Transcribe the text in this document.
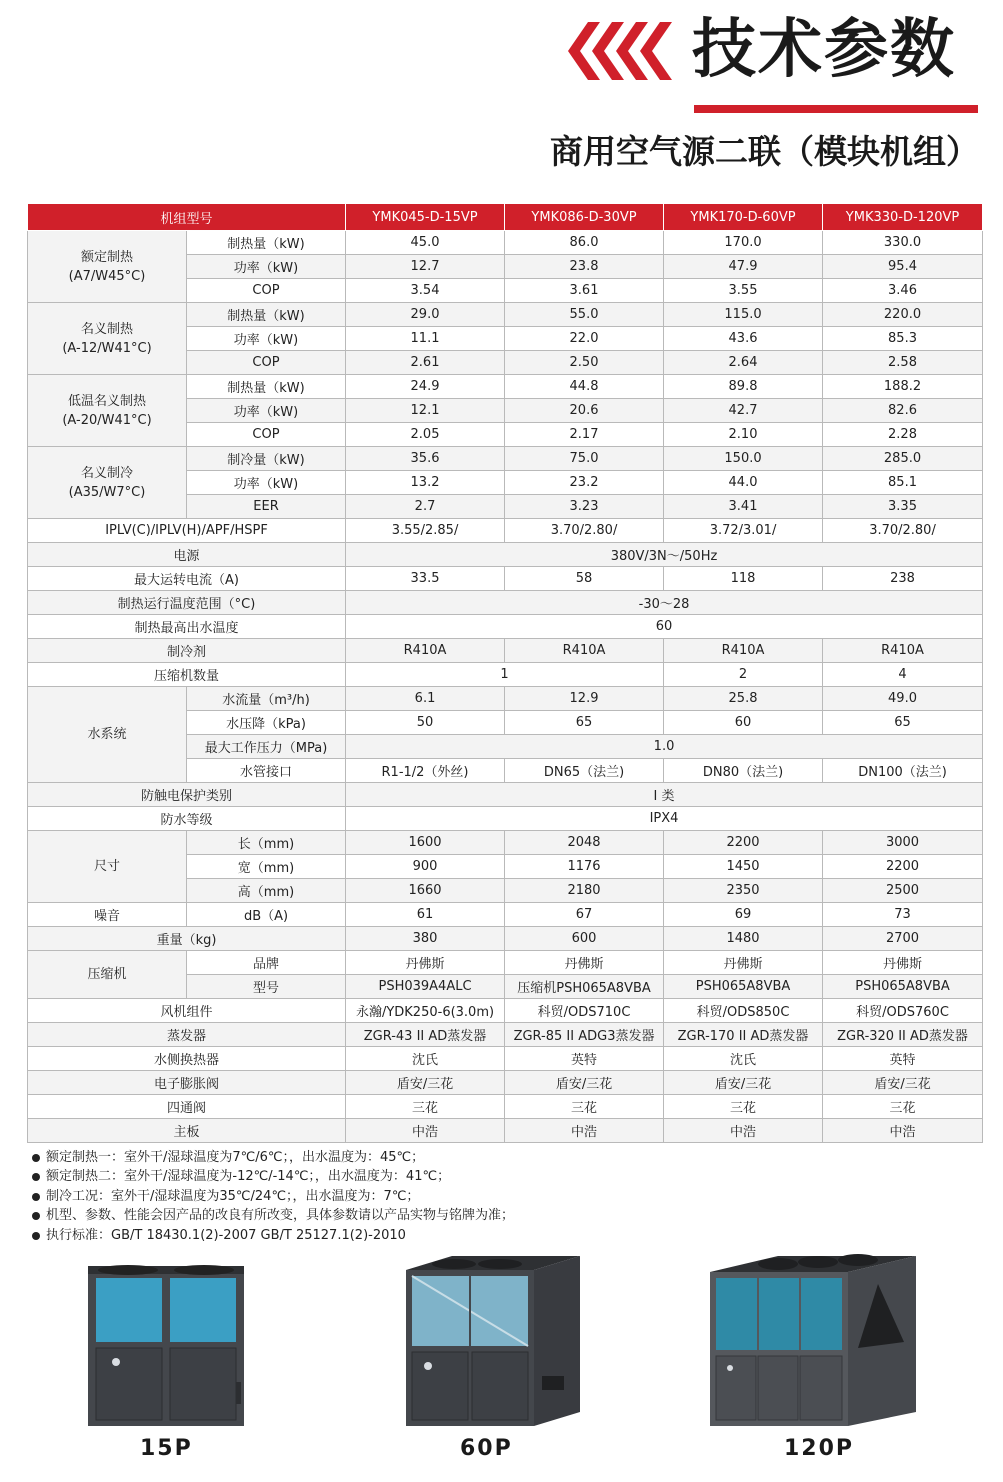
技术参数
商用空气源二联（模块机组）
机组型号		YMK045-D-15VP	YMK086-D-30VP	YMK170-D-60VP	YMK330-D-120VP
额定制热
(A7/W45°C)	制热量（kW)	45.0	86.0	170.0	330.0
	功率（kW)	12.7	23.8	47.9	95.4
	COP	3.54	3.61	3.55	3.46
名义制热
(A-12/W41°C)	制热量（kW)	29.0	55.0	115.0	220.0
	功率（kW)	11.1	22.0	43.6	85.3
	COP	2.61	2.50	2.64	2.58
低温名义制热
(A-20/W41°C)	制热量（kW)	24.9	44.8	89.8	188.2
	功率（kW)	12.1	20.6	42.7	82.6
	COP	2.05	2.17	2.10	2.28
名义制冷
(A35/W7°C)	制冷量（kW)	35.6	75.0	150.0	285.0
	功率（kW)	13.2	23.2	44.0	85.1
	EER	2.7	3.23	3.41	3.35
IPLV(C)/IPLV(H)/APF/HSPF		3.55/2.85/	3.70/2.80/	3.72/3.01/	3.70/2.80/
电源		380V/3N～/50Hz			
最大运转电流（A)		33.5	58	118	238
制热运行温度范围（°C)		-30～28			
制热最高出水温度		60			
制冷剂		R410A	R410A	R410A	R410A
压缩机数量		1		2	4
水系统	水流量（m³/h)	6.1	12.9	25.8	49.0
	水压降（kPa)	50	65	60	65
	最大工作压力（MPa)	1.0			
	水管接口	R1-1/2（外丝)	DN65（法兰)	DN80（法兰)	DN100（法兰)
防触电保护类别		I 类			
防水等级		IPX4			
尺寸	长（mm)	1600	2048	2200	3000
	宽（mm)	900	1176	1450	2200
	高（mm)	1660	2180	2350	2500
噪音	dB（A)	61	67	69	73
重量（kg)		380	600	1480	2700
压缩机	品牌	丹佛斯	丹佛斯	丹佛斯	丹佛斯
	型号	PSH039A4ALC	压缩机PSH065A8VBA	PSH065A8VBA	PSH065A8VBA
风机组件		永瀚/YDK250-6(3.0m)	科贸/ODS710C	科贸/ODS850C	科贸/ODS760C
蒸发器		ZGR-43 II AD蒸发器	ZGR-85 II ADG3蒸发器	ZGR-170 II AD蒸发器	ZGR-320 II AD蒸发器
水侧换热器		沈氏	英特	沈氏	英特
电子膨胀阀		盾安/三花	盾安/三花	盾安/三花	盾安/三花
四通阀		三花	三花	三花	三花
主板		中浩	中浩	中浩	中浩
额定制热一：室外干/湿球温度为7℃/6℃；，出水温度为：45℃；
额定制热二：室外干/湿球温度为-12℃/-14℃；，出水温度为：41℃；
制冷工况：室外干/湿球温度为35℃/24℃；，出水温度为：7℃；
机型、参数、性能会因产品的改良有所改变，具体参数请以产品实物与铭牌为准；
执行标准：GB/T 18430.1(2)-2007 GB/T 25127.1(2)-2010
15P	60P	120P
